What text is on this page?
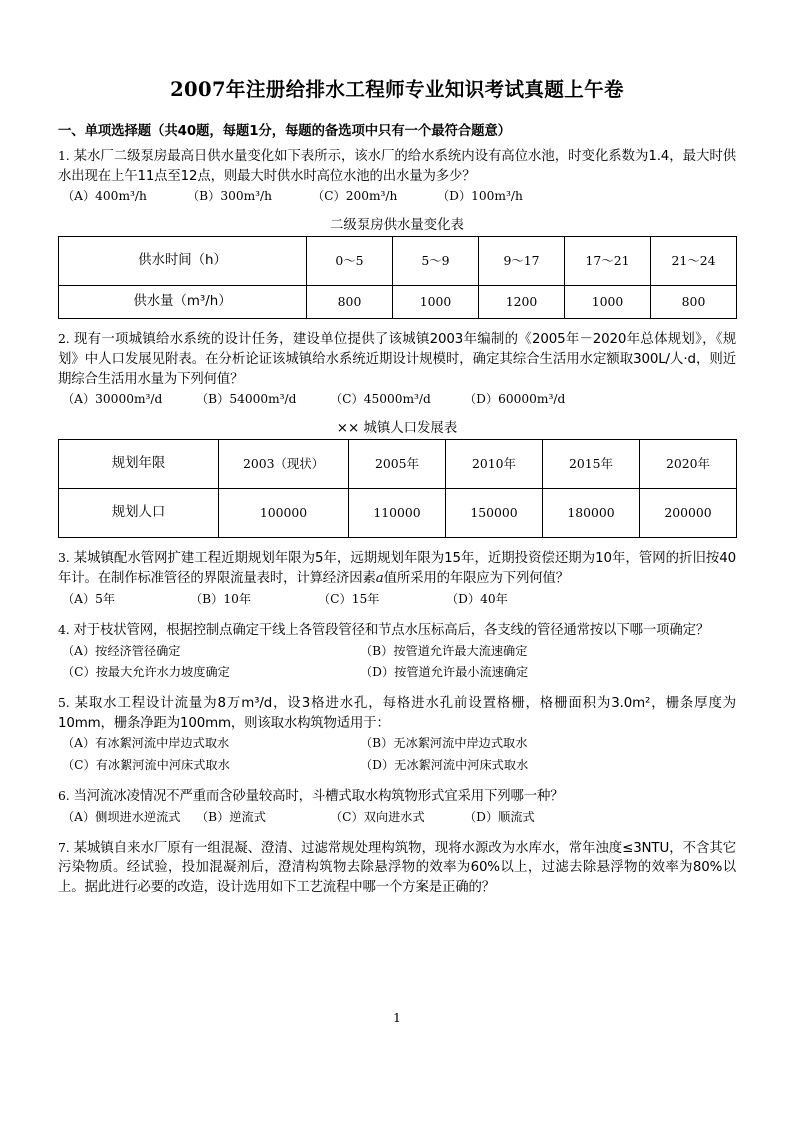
2007年注册给排水工程师专业知识考试真题上午卷
一、单项选择题（共40题，每题1分，每题的备选项中只有一个最符合题意）
1. 某水厂二级泵房最高日供水量变化如下表所示，该水厂的给水系统内设有高位水池，时变化系数为1.4，最大时供水出现在上午11点至12点，则最大时供水时高位水池的出水量为多少？
（A）400m³/h	（B）300m³/h	（C）200m³/h	（D）100m³/h
二级泵房供水量变化表
供水时间（h）	0～5	5～9	9～17	17～21	21～24
供水量（m³/h）	800	1000	1200	1000	800
2. 现有一项城镇给水系统的设计任务，建设单位提供了该城镇2003年编制的《2005年－2020年总体规划》，《规划》中人口发展见附表。在分析论证该城镇给水系统近期设计规模时，确定其综合生活用水定额取300L/人·d，则近期综合生活用水量为下列何值？
（A）30000m³/d	（B）54000m³/d	（C）45000m³/d	（D）60000m³/d
×× 城镇人口发展表
规划年限	2003（现状）	2005年	2010年	2015年	2020年
规划人口	100000	110000	150000	180000	200000
3. 某城镇配水管网扩建工程近期规划年限为5年，远期规划年限为15年，近期投资偿还期为10年，管网的折旧按40年计。在制作标准管径的界限流量表时，计算经济因素a值所采用的年限应为下列何值？
（A）5年	（B）10年	（C）15年	（D）40年
4. 对于枝状管网，根据控制点确定干线上各管段管径和节点水压标高后，各支线的管径通常按以下哪一项确定？
（A）按经济管径确定	（B）按管道允许最大流速确定
（C）按最大允许水力坡度确定	（D）按管道允许最小流速确定
5. 某取水工程设计流量为8万m³/d，设3格进水孔，每格进水孔前设置格栅，格栅面积为3.0m²，栅条厚度为10mm，栅条净距为100mm，则该取水构筑物适用于：
（A）有冰絮河流中岸边式取水	（B）无冰絮河流中岸边式取水
（C）有冰絮河流中河床式取水	（D）无冰絮河流中河床式取水
6. 当河流冰凌情况不严重而含砂量较高时，斗槽式取水构筑物形式宜采用下列哪一种？
（A）侧坝进水逆流式 （B）逆流式	（C）双向进水式	（D）顺流式
7. 某城镇自来水厂原有一组混凝、澄清、过滤常规处理构筑物，现将水源改为水库水，常年浊度≤3NTU，不含其它污染物质。经试验，投加混凝剂后，澄清构筑物去除悬浮物的效率为60%以上，过滤去除悬浮物的效率为80%以上。据此进行必要的改造，设计选用如下工艺流程中哪一个方案是正确的？
1
